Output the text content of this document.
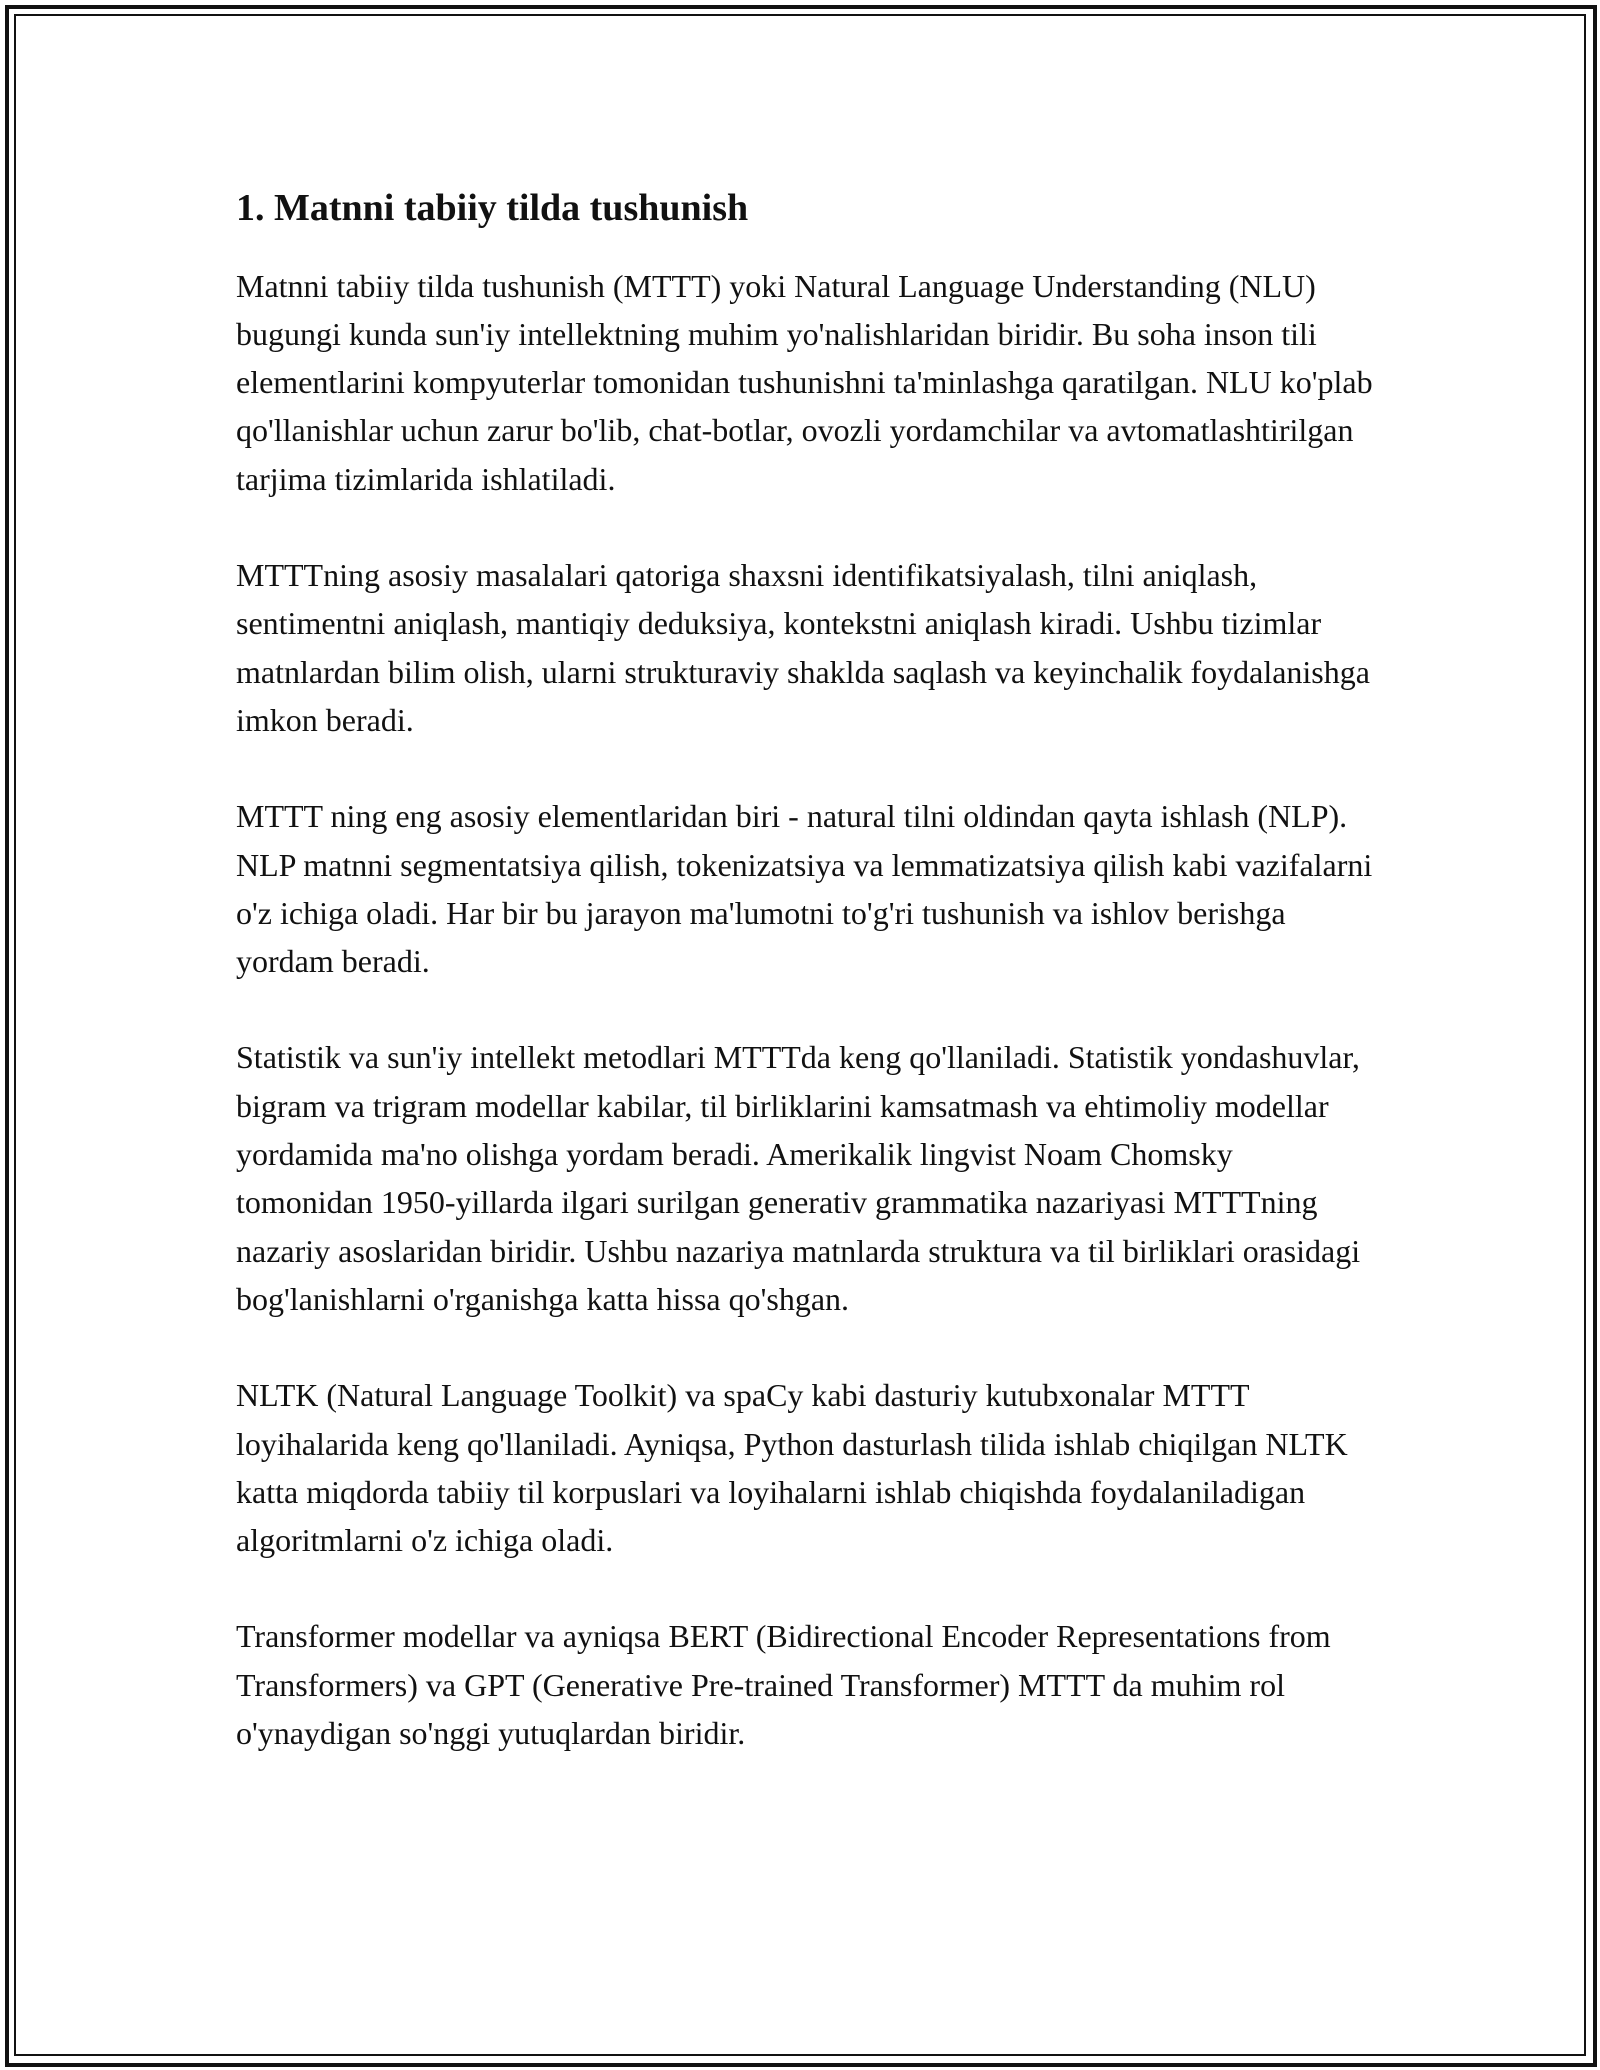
1. Matnni tabiiy tilda tushunish

Matnni tabiiy tilda tushunish (MTTT) yoki Natural Language Understanding (NLU) bugungi kunda sun'iy intellektning muhim yo'nalishlaridan biridir. Bu soha inson tili elementlarini kompyuterlar tomonidan tushunishni ta'minlashga qaratilgan. NLU ko'plab qo'llanishlar uchun zarur bo'lib, chat-botlar, ovozli yordamchilar va avtomatlashtirilgan tarjima tizimlarida ishlatiladi.

MTTTning asosiy masalalari qatoriga shaxsni identifikatsiyalash, tilni aniqlash, sentimentni aniqlash, mantiqiy deduksiya, kontekstni aniqlash kiradi. Ushbu tizimlar matnlardan bilim olish, ularni strukturaviy shaklda saqlash va keyinchalik foydalanishga imkon beradi.

MTTT ning eng asosiy elementlaridan biri - natural tilni oldindan qayta ishlash (NLP). NLP matnni segmentatsiya qilish, tokenizatsiya va lemmatizatsiya qilish kabi vazifalarni o'z ichiga oladi. Har bir bu jarayon ma'lumotni to'g'ri tushunish va ishlov berishga yordam beradi.

Statistik va sun'iy intellekt metodlari MTTTda keng qo'llaniladi. Statistik yondashuvlar, bigram va trigram modellar kabilar, til birliklarini kamsatmash va ehtimoliy modellar yordamida ma'no olishga yordam beradi. Amerikalik lingvist Noam Chomsky tomonidan 1950-yillarda ilgari surilgan generativ grammatika nazariyasi MTTTning nazariy asoslaridan biridir. Ushbu nazariya matnlarda struktura va til birliklari orasidagi bog'lanishlarni o'rganishga katta hissa qo'shgan.

NLTK (Natural Language Toolkit) va spaCy kabi dasturiy kutubxonalar MTTT loyihalarida keng qo'llaniladi. Ayniqsa, Python dasturlash tilida ishlab chiqilgan NLTK katta miqdorda tabiiy til korpuslari va loyihalarni ishlab chiqishda foydalaniladigan algoritmlarni o'z ichiga oladi.

Transformer modellar va ayniqsa BERT (Bidirectional Encoder Representations from Transformers) va GPT (Generative Pre-trained Transformer) MTTT da muhim rol o'ynaydigan so'nggi yutuqlardan biridir.
